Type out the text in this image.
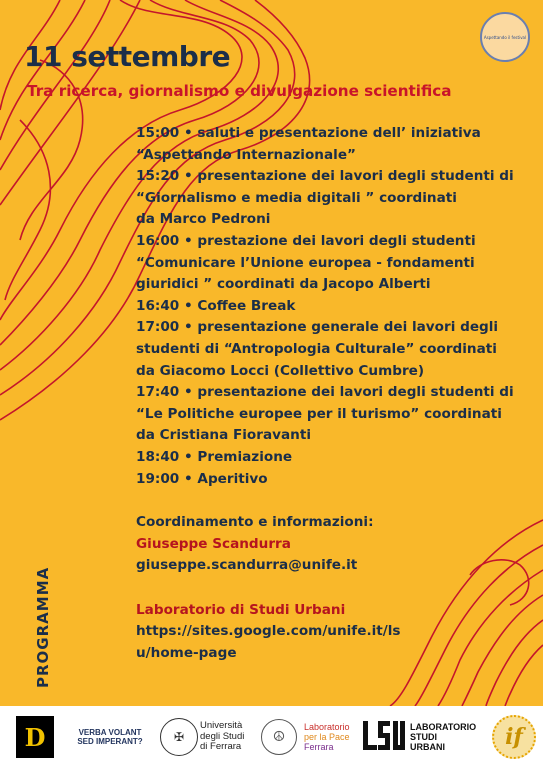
Aspettando il festival
11 settembre
Tra ricerca, giornalismo e divulgazione scientifica
15:00 • saluti e presentazione dell’ iniziativa
“Aspettando Internazionale”
15:20 • presentazione dei lavori degli studenti di
“Giornalismo e media digitali ” coordinati
da Marco Pedroni
16:00 • prestazione dei lavori degli studenti
“Comunicare l’Unione europea - fondamenti
giuridici ” coordinati da Jacopo Alberti
16:40 • Coffee Break
17:00 • presentazione generale dei lavori degli
studenti di “Antropologia Culturale” coordinati
da Giacomo Locci (Collettivo Cumbre)
17:40 • presentazione dei lavori degli studenti di
“Le Politiche europee per il turismo” coordinati
da Cristiana Fioravanti
18:40 • Premiazione
19:00 • Aperitivo
Coordinamento e informazioni:
Giuseppe Scandurra
giuseppe.scandurra@unife.it
Laboratorio di Studi Urbani
https://sites.google.com/unife.it/ls
u/home-page
PROGRAMMA
D	VERBA VOLANT
SED IMPERANT?	✠
Università
degli Studi
di Ferrara
☮
Laboratorio
per la Pace
Ferrara
LABORATORIO
STUDI
URBANI	if
